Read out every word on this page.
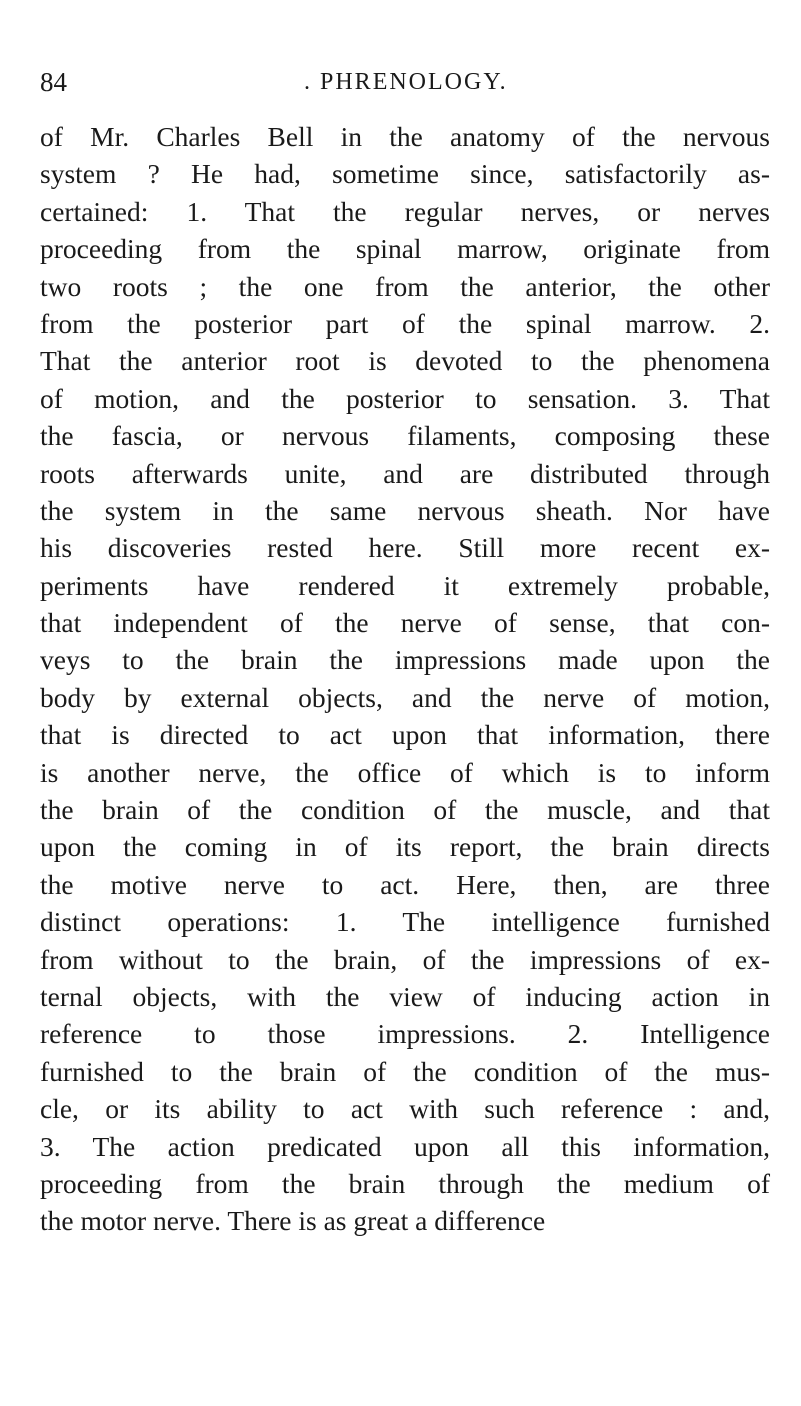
84	. PHRENOLOGY.
of Mr. Charles Bell in the anatomy of the nervous
system ? He had, sometime since, satisfactorily as-
certained: 1. That the regular nerves, or nerves
proceeding from the spinal marrow, originate from
two roots ; the one from the anterior, the other
from the posterior part of the spinal marrow. 2.
That the anterior root is devoted to the phenomena
of motion, and the posterior to sensation. 3. That
the fascia, or nervous filaments, composing these
roots afterwards unite, and are distributed through
the system in the same nervous sheath. Nor have
his discoveries rested here. Still more recent ex-
periments have rendered it extremely probable,
that independent of the nerve of sense, that con-
veys to the brain the impressions made upon the
body by external objects, and the nerve of motion,
that is directed to act upon that information, there
is another nerve, the office of which is to inform
the brain of the condition of the muscle, and that
upon the coming in of its report, the brain directs
the motive nerve to act. Here, then, are three
distinct operations: 1. The intelligence furnished
from without to the brain, of the impressions of ex-
ternal objects, with the view of inducing action in
reference to those impressions. 2. Intelligence
furnished to the brain of the condition of the mus-
cle, or its ability to act with such reference : and,
3. The action predicated upon all this information,
proceeding from the brain through the medium of
the motor nerve. There is as great a difference
